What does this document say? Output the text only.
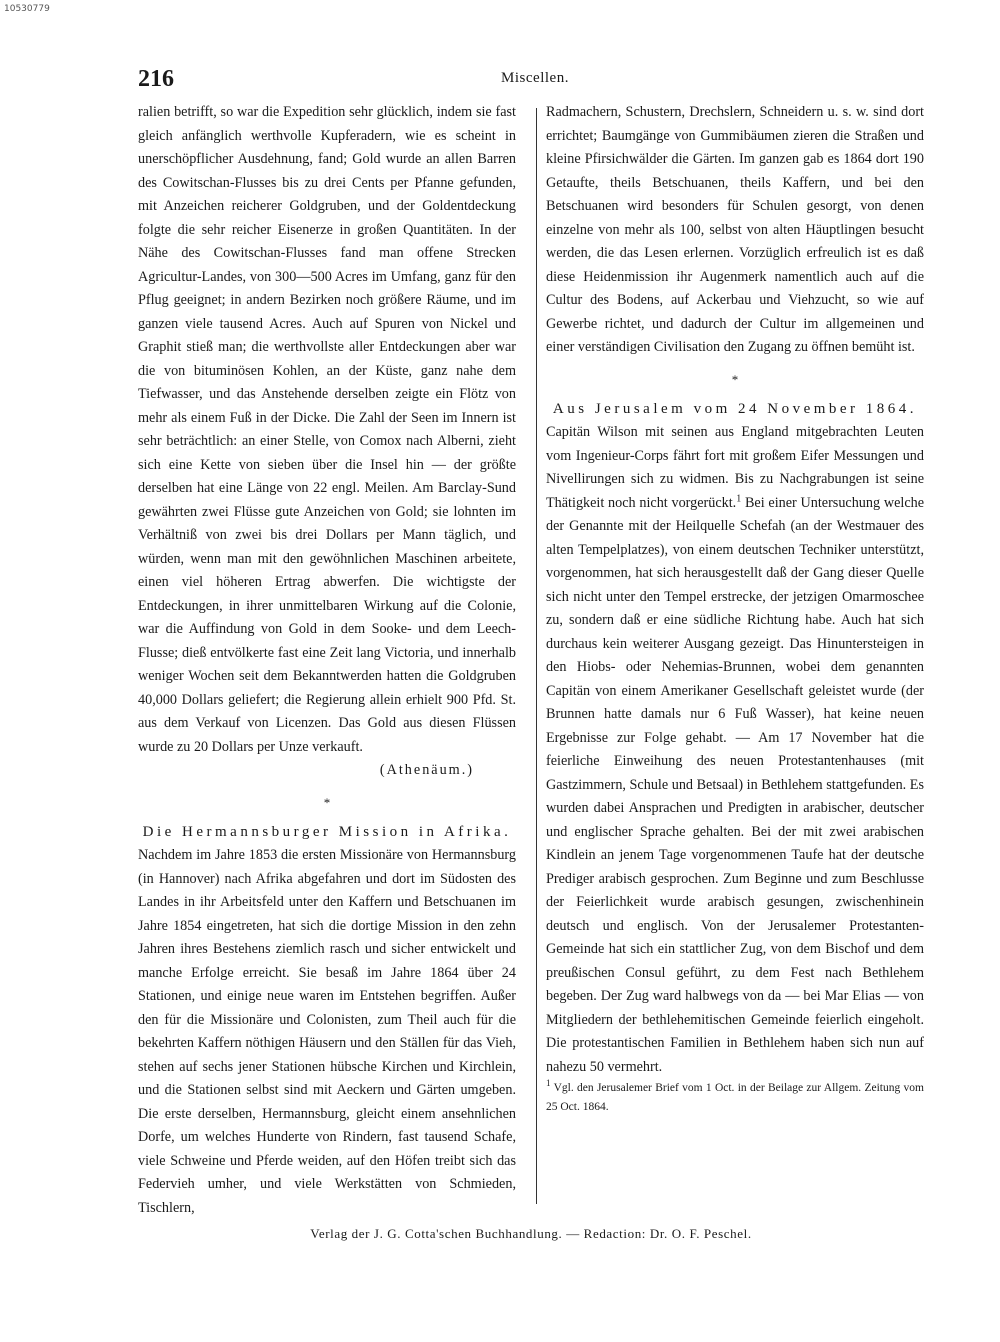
10530779
216	Miscellen.

ralien betrifft, so war die Expedition sehr glücklich, indem sie fast gleich anfänglich werthvolle Kupferadern, wie es scheint in unerschöpflicher Ausdehnung, fand; Gold wurde an allen Barren des Cowitschan-Flusses bis zu drei Cents per Pfanne gefunden, mit Anzeichen reicherer Goldgruben, und der Goldentdeckung folgte die sehr reicher Eisenerze in großen Quantitäten. In der Nähe des Cowitschan-Flusses fand man offene Strecken Agricultur-Landes, von 300—500 Acres im Umfang, ganz für den Pflug geeignet; in andern Bezirken noch größere Räume, und im ganzen viele tausend Acres. Auch auf Spuren von Nickel und Graphit stieß man; die werthvollste aller Entdeckungen aber war die von bituminösen Kohlen, an der Küste, ganz nahe dem Tiefwasser, und das Anstehende derselben zeigte ein Flötz von mehr als einem Fuß in der Dicke. Die Zahl der Seen im Innern ist sehr beträchtlich: an einer Stelle, von Comox nach Alberni, zieht sich eine Kette von sieben über die Insel hin — der größte derselben hat eine Länge von 22 engl. Meilen. Am Barclay-Sund gewährten zwei Flüsse gute Anzeichen von Gold; sie lohnten im Verhältniß von zwei bis drei Dollars per Mann täglich, und würden, wenn man mit den gewöhnlichen Maschinen arbeitete, einen viel höheren Ertrag abwerfen. Die wichtigste der Entdeckungen, in ihrer unmittelbaren Wirkung auf die Colonie, war die Auffindung von Gold in dem Sooke- und dem Leech-Flusse; dieß entvölkerte fast eine Zeit lang Victoria, und innerhalb weniger Wochen seit dem Bekanntwerden hatten die Goldgruben 40,000 Dollars geliefert; die Regierung allein erhielt 900 Pfd. St. aus dem Verkauf von Licenzen. Das Gold aus diesen Flüssen wurde zu 20 Dollars per Unze verkauft.

(Athenäum.)

*

Die Hermannsburger Mission in Afrika.

Nachdem im Jahre 1853 die ersten Missionäre von Hermannsburg (in Hannover) nach Afrika abgefahren und dort im Südosten des Landes in ihr Arbeitsfeld unter den Kaffern und Betschuanen im Jahre 1854 eingetreten, hat sich die dortige Mission in den zehn Jahren ihres Bestehens ziemlich rasch und sicher entwickelt und manche Erfolge erreicht. Sie besaß im Jahre 1864 über 24 Stationen, und einige neue waren im Entstehen begriffen. Außer den für die Missionäre und Colonisten, zum Theil auch für die bekehrten Kaffern nöthigen Häusern und den Ställen für das Vieh, stehen auf sechs jener Stationen hübsche Kirchen und Kirchlein, und die Stationen selbst sind mit Aeckern und Gärten umgeben. Die erste derselben, Hermannsburg, gleicht einem ansehnlichen Dorfe, um welches Hunderte von Rindern, fast tausend Schafe, viele Schweine und Pferde weiden, auf den Höfen treibt sich das Federvieh umher, und viele Werkstätten von Schmieden, Tischlern,

Radmachern, Schustern, Drechslern, Schneidern u. s. w. sind dort errichtet; Baumgänge von Gummibäumen zieren die Straßen und kleine Pfirsichwälder die Gärten. Im ganzen gab es 1864 dort 190 Getaufte, theils Betschuanen, theils Kaffern, und bei den Betschuanen wird besonders für Schulen gesorgt, von denen einzelne von mehr als 100, selbst von alten Häuptlingen besucht werden, die das Lesen erlernen. Vorzüglich erfreulich ist es daß diese Heidenmission ihr Augenmerk namentlich auch auf die Cultur des Bodens, auf Ackerbau und Viehzucht, so wie auf Gewerbe richtet, und dadurch der Cultur im allgemeinen und einer verständigen Civilisation den Zugang zu öffnen bemüht ist.

*

Aus Jerusalem vom 24 November 1864.

Capitän Wilson mit seinen aus England mitgebrachten Leuten vom Ingenieur-Corps fährt fort mit großem Eifer Messungen und Nivellirungen sich zu widmen. Bis zu Nachgrabungen ist seine Thätigkeit noch nicht vorgerückt.$^1$ Bei einer Untersuchung welche der Genannte mit der Heilquelle Schefah (an der Westmauer des alten Tempelplatzes), von einem deutschen Techniker unterstützt, vorgenommen, hat sich herausgestellt daß der Gang dieser Quelle sich nicht unter den Tempel erstrecke, der jetzigen Omarmoschee zu, sondern daß er eine südliche Richtung habe. Auch hat sich durchaus kein weiterer Ausgang gezeigt. Das Hinuntersteigen in den Hiobs- oder Nehemias-Brunnen, wobei dem genannten Capitän von einem Amerikaner Gesellschaft geleistet wurde (der Brunnen hatte damals nur 6 Fuß Wasser), hat keine neuen Ergebnisse zur Folge gehabt. — Am 17 November hat die feierliche Einweihung des neuen Protestantenhauses (mit Gastzimmern, Schule und Betsaal) in Bethlehem stattgefunden. Es wurden dabei Ansprachen und Predigten in arabischer, deutscher und englischer Sprache gehalten. Bei der mit zwei arabischen Kindlein an jenem Tage vorgenommenen Taufe hat der deutsche Prediger arabisch gesprochen. Zum Beginne und zum Beschlusse der Feierlichkeit wurde arabisch gesungen, zwischenhinein deutsch und englisch. Von der Jerusalemer Protestanten-Gemeinde hat sich ein stattlicher Zug, von dem Bischof und dem preußischen Consul geführt, zu dem Fest nach Bethlehem begeben. Der Zug ward halbwegs von da — bei Mar Elias — von Mitgliedern der bethlehemitischen Gemeinde feierlich eingeholt. Die protestantischen Familien in Bethlehem haben sich nun auf nahezu 50 vermehrt.

$^1$ Vgl. den Jerusalemer Brief vom 1 Oct. in der Beilage zur Allgem. Zeitung vom 25 Oct. 1864.

Verlag der J. G. Cotta'schen Buchhandlung. — Redaction: Dr. O. F. Peschel.
